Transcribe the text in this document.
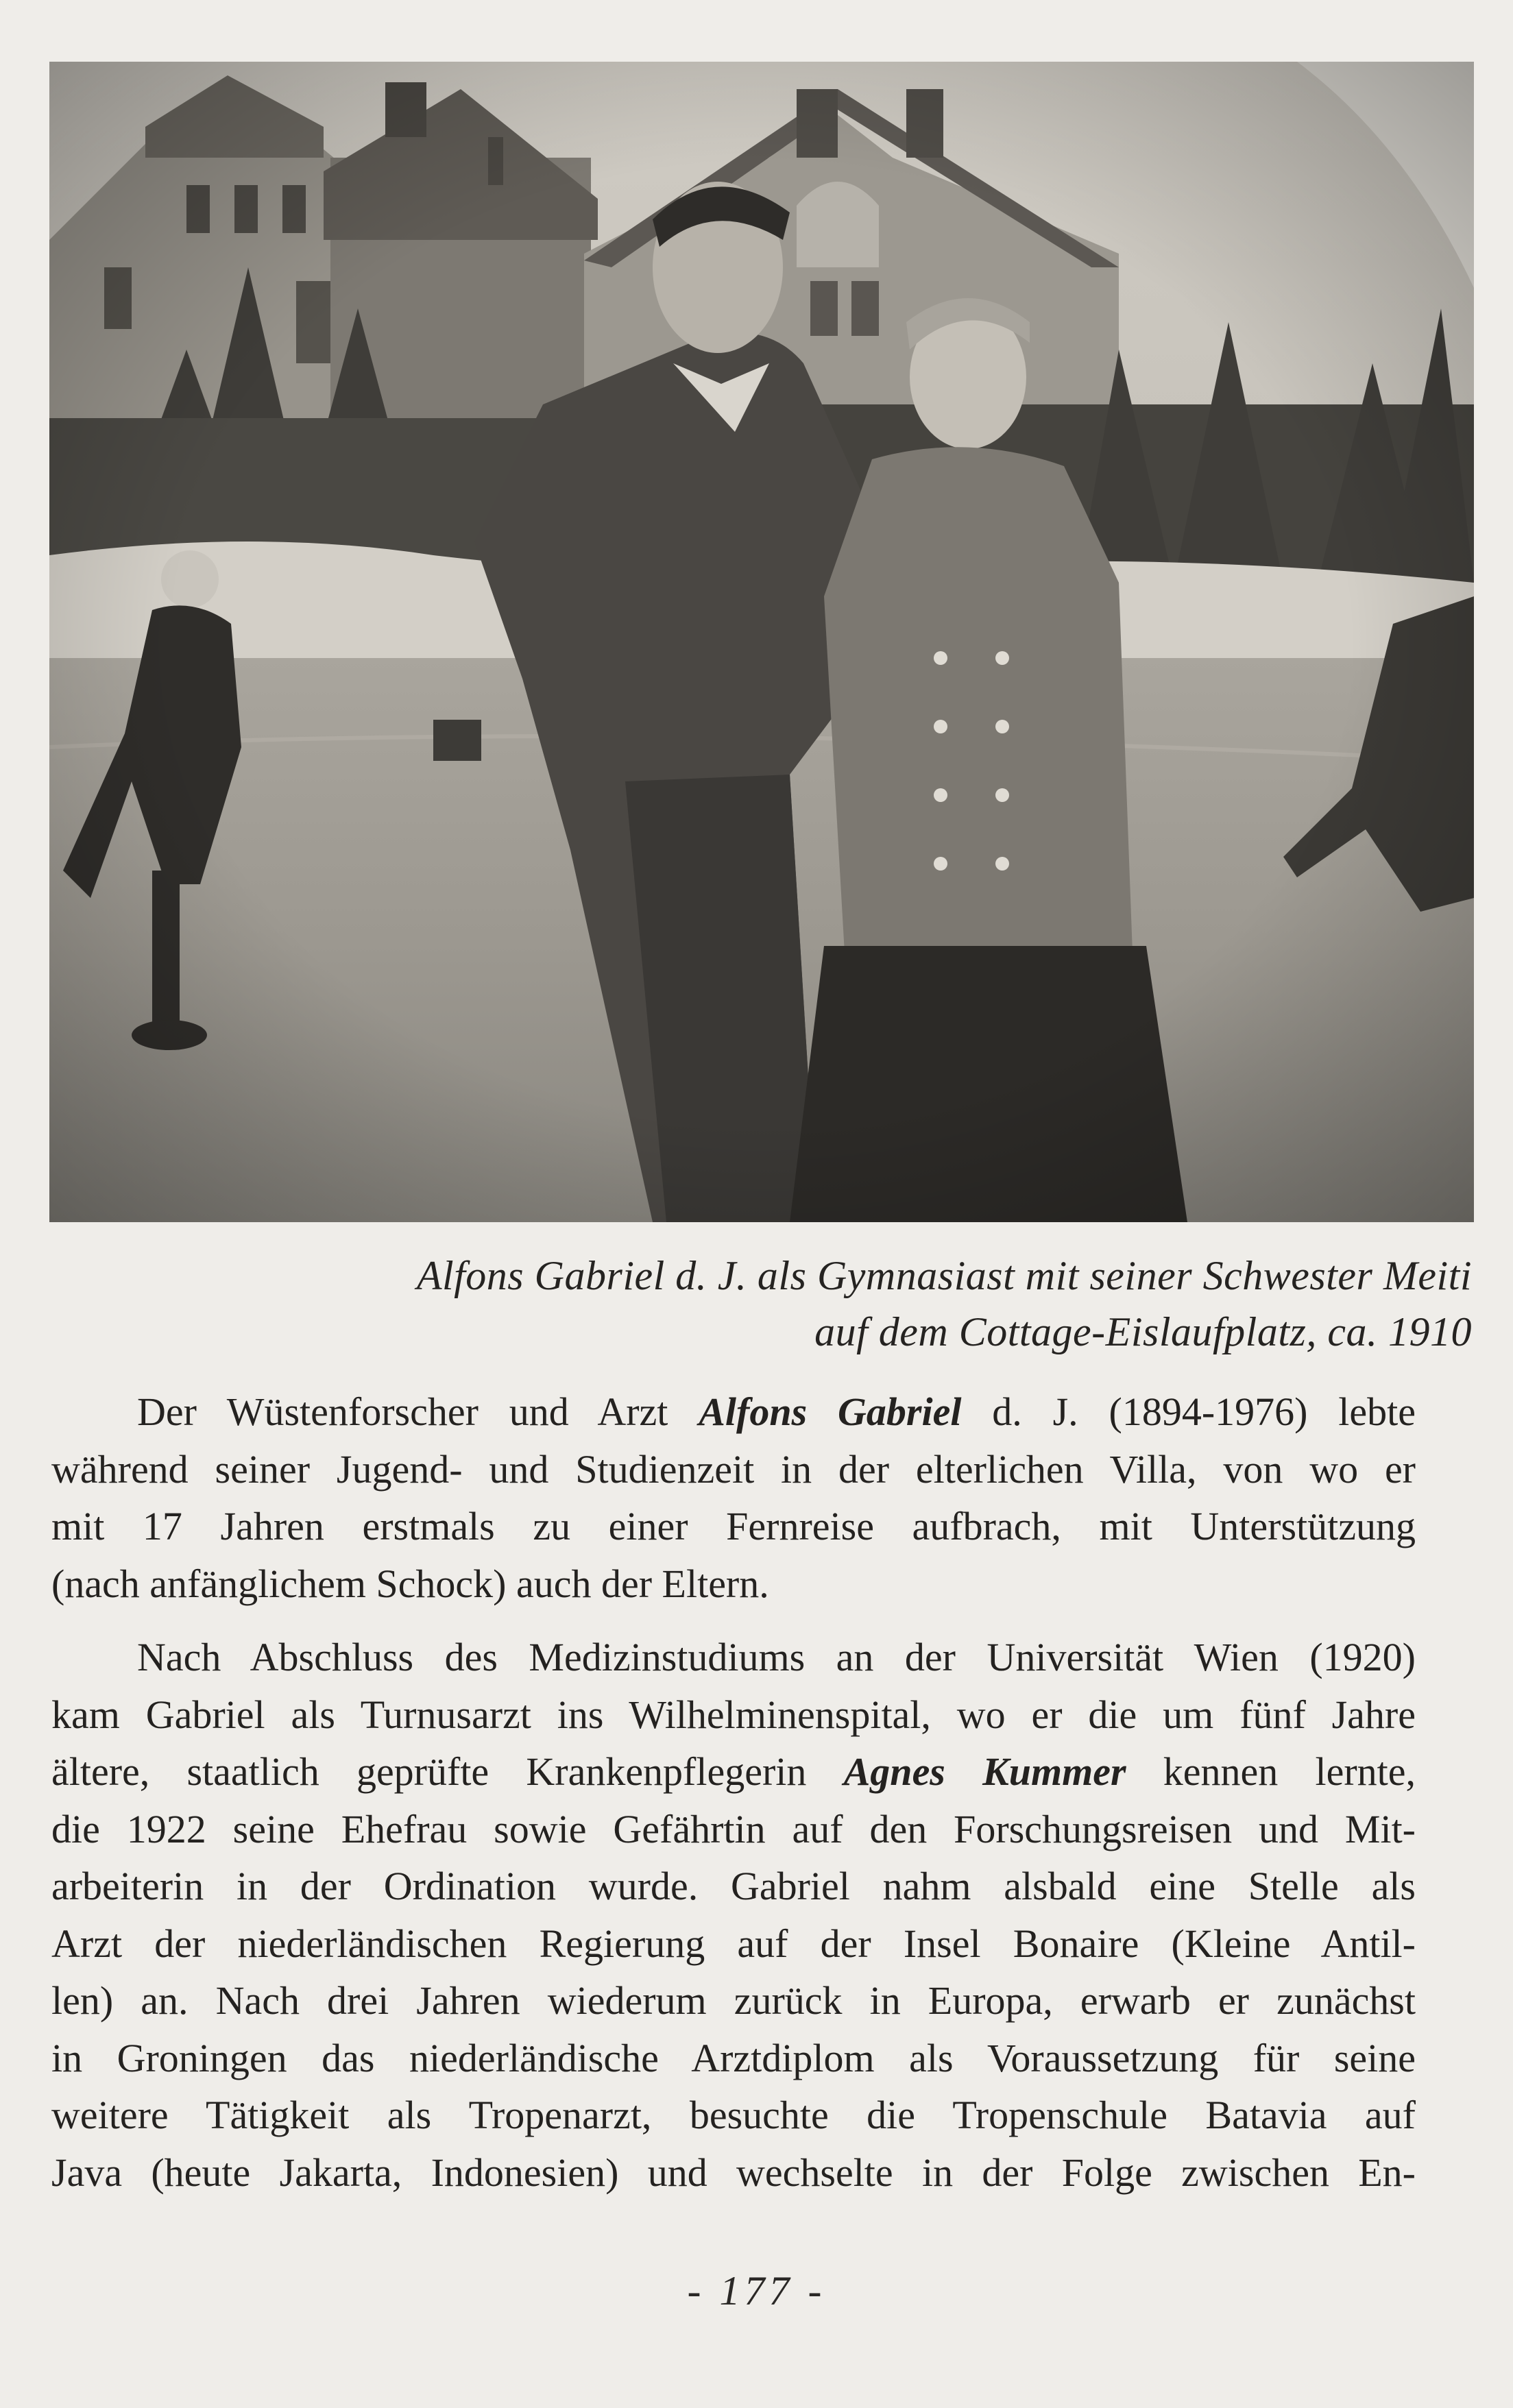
Alfons Gabriel d. J. als Gymnasiast mit seiner Schwester Meiti
auf dem Cottage-Eislaufplatz, ca. 1910
Der Wüstenforscher und Arzt Alfons Gabriel d. J. (1894-1976) lebte
während seiner Jugend- und Studienzeit in der elterlichen Villa, von wo er
mit 17 Jahren erstmals zu einer Fernreise aufbrach, mit Unterstützung
(nach anfänglichem Schock) auch der Eltern.
Nach Abschluss des Medizinstudiums an der Universität Wien (1920)
kam Gabriel als Turnusarzt ins Wilhelminenspital, wo er die um fünf Jahre
ältere, staatlich geprüfte Krankenpflegerin Agnes Kummer kennen lernte,
die 1922 seine Ehefrau sowie Gefährtin auf den Forschungsreisen und Mit-
arbeiterin in der Ordination wurde. Gabriel nahm alsbald eine Stelle als
Arzt der niederländischen Regierung auf der Insel Bonaire (Kleine Antil-
len) an. Nach drei Jahren wiederum zurück in Europa, erwarb er zunächst
in Groningen das niederländische Arztdiplom als Voraussetzung für seine
weitere Tätigkeit als Tropenarzt, besuchte die Tropenschule Batavia auf
Java (heute Jakarta, Indonesien) und wechselte in der Folge zwischen En-
- 177 -
